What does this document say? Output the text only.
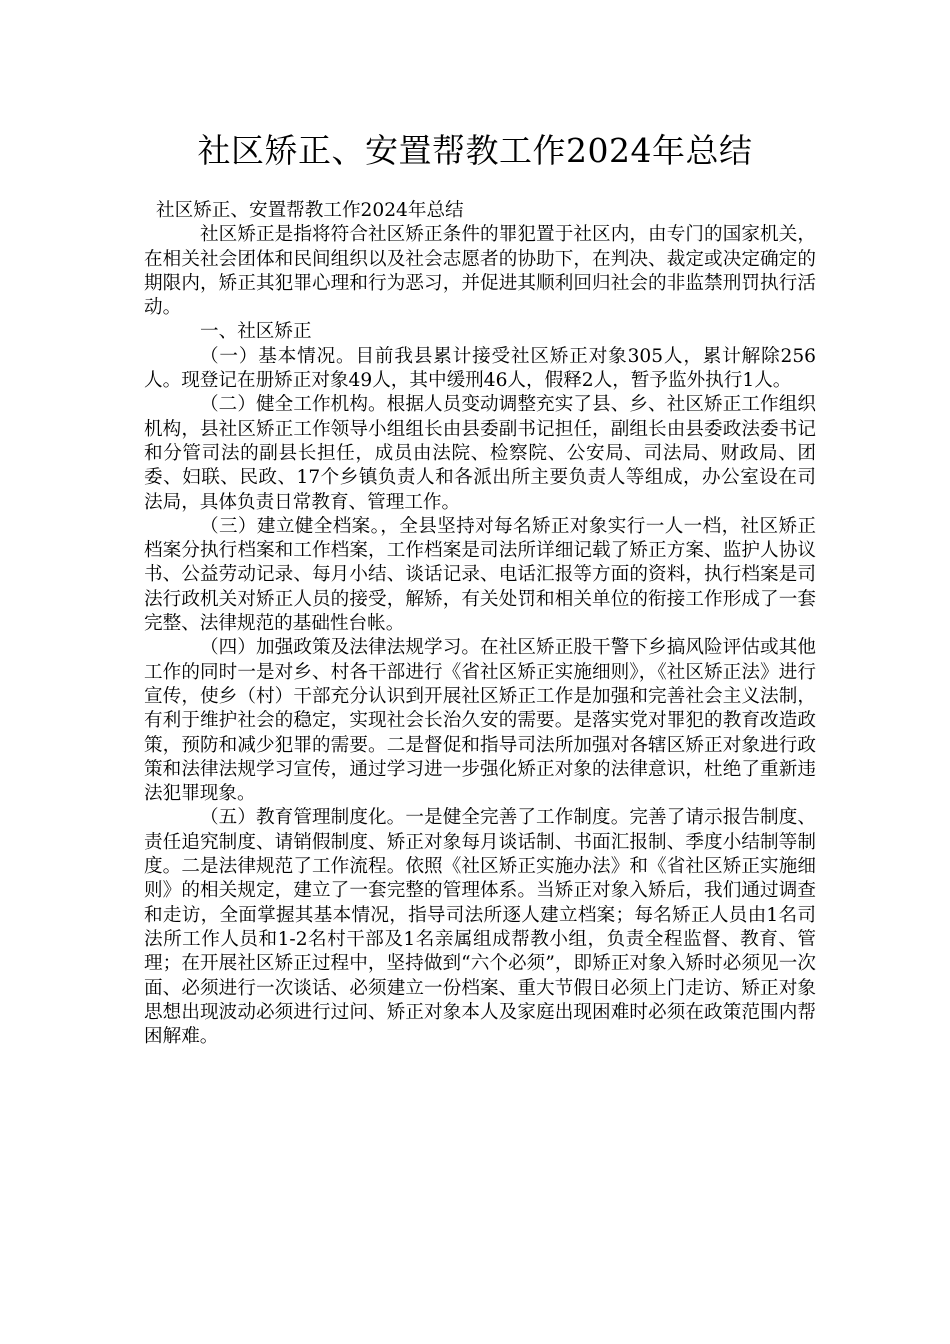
社区矫正、安置帮教工作2024年总结

社区矫正、安置帮教工作2024年总结

社区矫正是指将符合社区矫正条件的罪犯置于社区内，由专门的国家机关，在相关社会团体和民间组织以及社会志愿者的协助下，在判决、裁定或决定确定的期限内，矫正其犯罪心理和行为恶习，并促进其顺利回归社会的非监禁刑罚执行活动。

一、社区矫正

（一）基本情况。目前我县累计接受社区矫正对象305人，累计解除256人。现登记在册矫正对象49人，其中缓刑46人，假释2人，暂予监外执行1人。

（二）健全工作机构。根据人员变动调整充实了县、乡、社区矫正工作组织机构，县社区矫正工作领导小组组长由县委副书记担任，副组长由县委政法委书记和分管司法的副县长担任，成员由法院、检察院、公安局、司法局、财政局、团委、妇联、民政、17个乡镇负责人和各派出所主要负责人等组成，办公室设在司法局，具体负责日常教育、管理工作。

（三）建立健全档案。，全县坚持对每名矫正对象实行一人一档，社区矫正档案分执行档案和工作档案，工作档案是司法所详细记载了矫正方案、监护人协议书、公益劳动记录、每月小结、谈话记录、电话汇报等方面的资料，执行档案是司法行政机关对矫正人员的接受，解矫，有关处罚和相关单位的衔接工作形成了一套完整、法律规范的基础性台帐。

（四）加强政策及法律法规学习。在社区矫正股干警下乡搞风险评估或其他工作的同时一是对乡、村各干部进行《省社区矫正实施细则》，《社区矫正法》进行宣传，使乡（村）干部充分认识到开展社区矫正工作是加强和完善社会主义法制，有利于维护社会的稳定，实现社会长治久安的需要。是落实党对罪犯的教育改造政策，预防和减少犯罪的需要。二是督促和指导司法所加强对各辖区矫正对象进行政策和法律法规学习宣传，通过学习进一步强化矫正对象的法律意识，杜绝了重新违法犯罪现象。

（五）教育管理制度化。一是健全完善了工作制度。完善了请示报告制度、责任追究制度、请销假制度、矫正对象每月谈话制、书面汇报制、季度小结制等制度。二是法律规范了工作流程。依照《社区矫正实施办法》和《省社区矫正实施细则》的相关规定，建立了一套完整的管理体系。当矫正对象入矫后，我们通过调查和走访，全面掌握其基本情况，指导司法所逐人建立档案；每名矫正人员由1名司法所工作人员和1-2名村干部及1名亲属组成帮教小组，负责全程监督、教育、管理；在开展社区矫正过程中，坚持做到“六个必须”，即矫正对象入矫时必须见一次面、必须进行一次谈话、必须建立一份档案、重大节假日必须上门走访、矫正对象思想出现波动必须进行过问、矫正对象本人及家庭出现困难时必须在政策范围内帮困解难。
